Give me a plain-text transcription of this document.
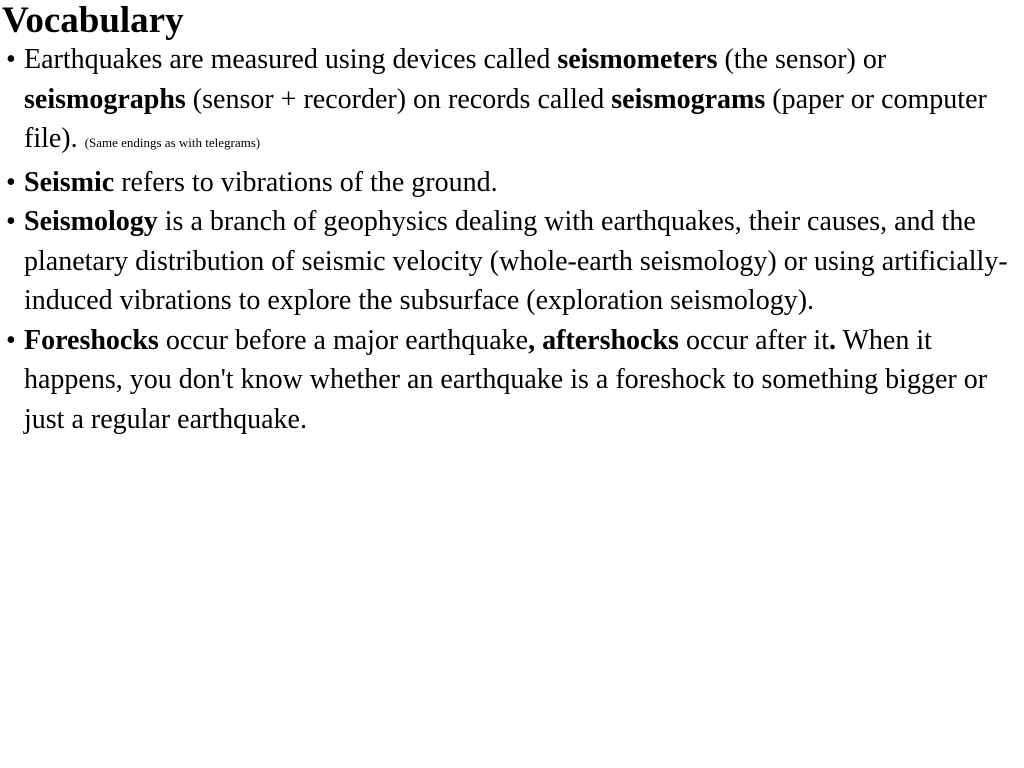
Vocabulary
• Earthquakes are measured using devices called seismometers (the sensor) or seismographs (sensor + recorder) on records called seismograms (paper or computer file). (Same endings as with telegrams)
• Seismic refers to vibrations of the ground.
• Seismology is a branch of geophysics dealing with earthquakes, their causes, and the planetary distribution of seismic velocity (whole-earth seismology) or using artificially-induced vibrations to explore the subsurface (exploration seismology).
• Foreshocks occur before a major earthquake, aftershocks occur after it. When it happens, you don't know whether an earthquake is a foreshock to something bigger or just a regular earthquake.
